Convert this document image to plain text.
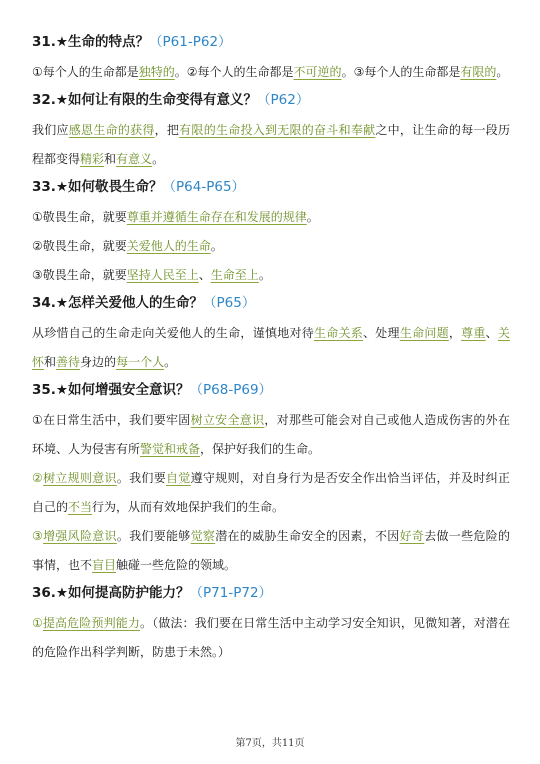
31.★生命的特点？（P61-P62）

①每个人的生命都是独特的。②每个人的生命都是不可逆的。③每个人的生命都是有限的。

32.★如何让有限的生命变得有意义？（P62）

我们应感恩生命的获得，把有限的生命投入到无限的奋斗和奉献之中，让生命的每一段历程都变得精彩和有意义。

33.★如何敬畏生命？（P64-P65）

①敬畏生命，就要尊重并遵循生命存在和发展的规律。

②敬畏生命，就要关爱他人的生命。

③敬畏生命，就要坚持人民至上、生命至上。

34.★怎样关爱他人的生命？（P65）

从珍惜自己的生命走向关爱他人的生命，谨慎地对待生命关系、处理生命问题，尊重、关怀和善待身边的每一个人。

35.★如何增强安全意识？（P68-P69）

①在日常生活中，我们要牢固树立安全意识，对那些可能会对自己或他人造成伤害的外在环境、人为侵害有所警觉和戒备，保护好我们的生命。

②树立规则意识。我们要自觉遵守规则，对自身行为是否安全作出恰当评估，并及时纠正自己的不当行为，从而有效地保护我们的生命。

③增强风险意识。我们要能够觉察潜在的威胁生命安全的因素，不因好奇去做一些危险的事情，也不盲目触碰一些危险的领域。

36.★如何提高防护能力？（P71-P72）

①提高危险预判能力。（做法：我们要在日常生活中主动学习安全知识，见微知著，对潜在的危险作出科学判断，防患于未然。）

第7页，共11页
